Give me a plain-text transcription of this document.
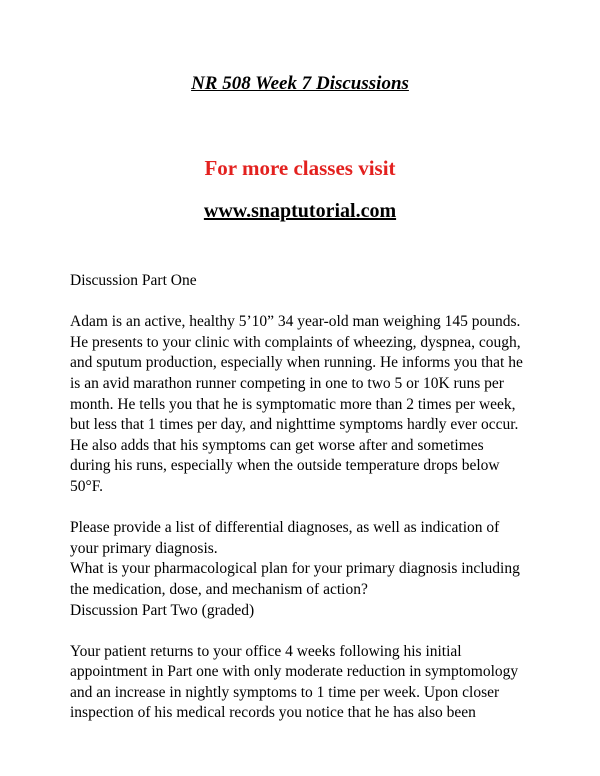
NR 508 Week 7 Discussions
For more classes visit
www.snaptutorial.com

Discussion Part One

Adam is an active, healthy 5’10” 34 year-old man weighing 145 pounds.
He presents to your clinic with complaints of wheezing, dyspnea, cough,
and sputum production, especially when running. He informs you that he
is an avid marathon runner competing in one to two 5 or 10K runs per
month. He tells you that he is symptomatic more than 2 times per week,
but less that 1 times per day, and nighttime symptoms hardly ever occur.
He also adds that his symptoms can get worse after and sometimes
during his runs, especially when the outside temperature drops below
50°F.

Please provide a list of differential diagnoses, as well as indication of
your primary diagnosis.
What is your pharmacological plan for your primary diagnosis including
the medication, dose, and mechanism of action?
Discussion Part Two (graded)

Your patient returns to your office 4 weeks following his initial
appointment in Part one with only moderate reduction in symptomology
and an increase in nightly symptoms to 1 time per week. Upon closer
inspection of his medical records you notice that he has also been
